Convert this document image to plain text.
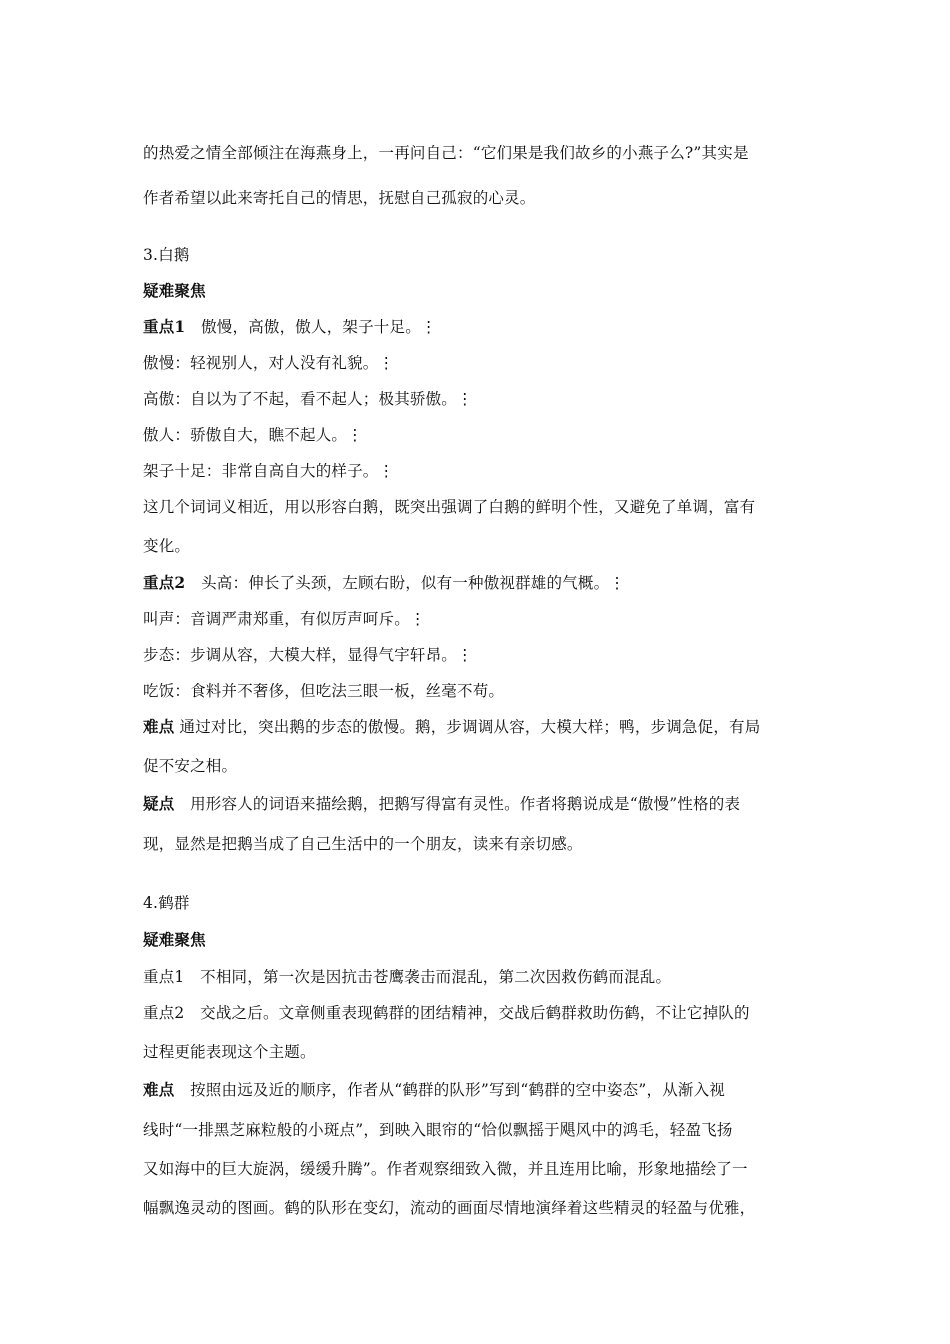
的热爱之情全部倾注在海燕身上，一再问自己：“它们果是我们故乡的小燕子么?”其实是

作者希望以此来寄托自己的情思，抚慰自己孤寂的心灵。

3.白鹅

疑难聚焦

重点1　傲慢，高傲，傲人，架子十足。⋮

傲慢：轻视别人，对人没有礼貌。⋮

高傲：自以为了不起，看不起人；极其骄傲。⋮

傲人：骄傲自大，瞧不起人。⋮

架子十足：非常自高自大的样子。⋮

这几个词词义相近，用以形容白鹅，既突出强调了白鹅的鲜明个性，又避免了单调，富有

变化。

重点2　头高：伸长了头颈，左顾右盼，似有一种傲视群雄的气概。⋮

叫声：音调严肃郑重，有似厉声呵斥。⋮

步态：步调从容，大模大样，显得气宇轩昂。⋮

吃饭：食料并不奢侈，但吃法三眼一板，丝毫不苟。

难点 通过对比，突出鹅的步态的傲慢。鹅，步调调从容，大模大样；鸭，步调急促，有局

促不安之相。

疑点　用形容人的词语来描绘鹅，把鹅写得富有灵性。作者将鹅说成是“傲慢”性格的表

现，显然是把鹅当成了自己生活中的一个朋友，读来有亲切感。

4.鹤群

疑难聚焦

重点1　不相同，第一次是因抗击苍鹰袭击而混乱，第二次因救伤鹤而混乱。

重点2　交战之后。文章侧重表现鹤群的团结精神，交战后鹤群救助伤鹤，不让它掉队的

过程更能表现这个主题。

难点　按照由远及近的顺序，作者从“鹤群的队形”写到“鹤群的空中姿态”，从渐入视

线时“一排黑芝麻粒般的小斑点”，到映入眼帘的“恰似飘摇于飓风中的鸿毛，轻盈飞扬

又如海中的巨大旋涡，缓缓升腾”。作者观察细致入微，并且连用比喻，形象地描绘了一

幅飘逸灵动的图画。鹤的队形在变幻，流动的画面尽情地演绎着这些精灵的轻盈与优雅，
